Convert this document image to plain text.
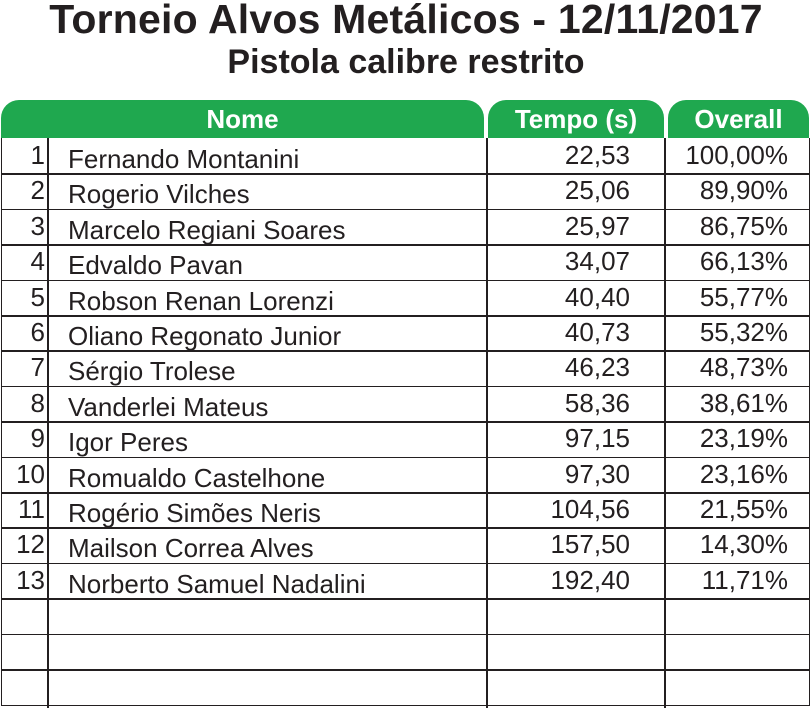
Torneio Alvos Metálicos - 12/11/2017
Pistola calibre restrito
Nome	Tempo (s)	Overall
1 Fernando Montanini	22,53	100,00%
2 Rogerio Vilches	25,06	89,90%
3 Marcelo Regiani Soares	25,97	86,75%
4 Edvaldo Pavan	34,07	66,13%
5 Robson Renan Lorenzi	40,40	55,77%
6 Oliano Regonato Junior	40,73	55,32%
7 Sérgio Trolese	46,23	48,73%
8 Vanderlei Mateus	58,36	38,61%
9 Igor Peres	97,15	23,19%
10 Romualdo Castelhone	97,30	23,16%
11 Rogério Simões Neris	104,56	21,55%
12 Mailson Correa Alves	157,50	14,30%
13 Norberto Samuel Nadalini	192,40	11,71%
